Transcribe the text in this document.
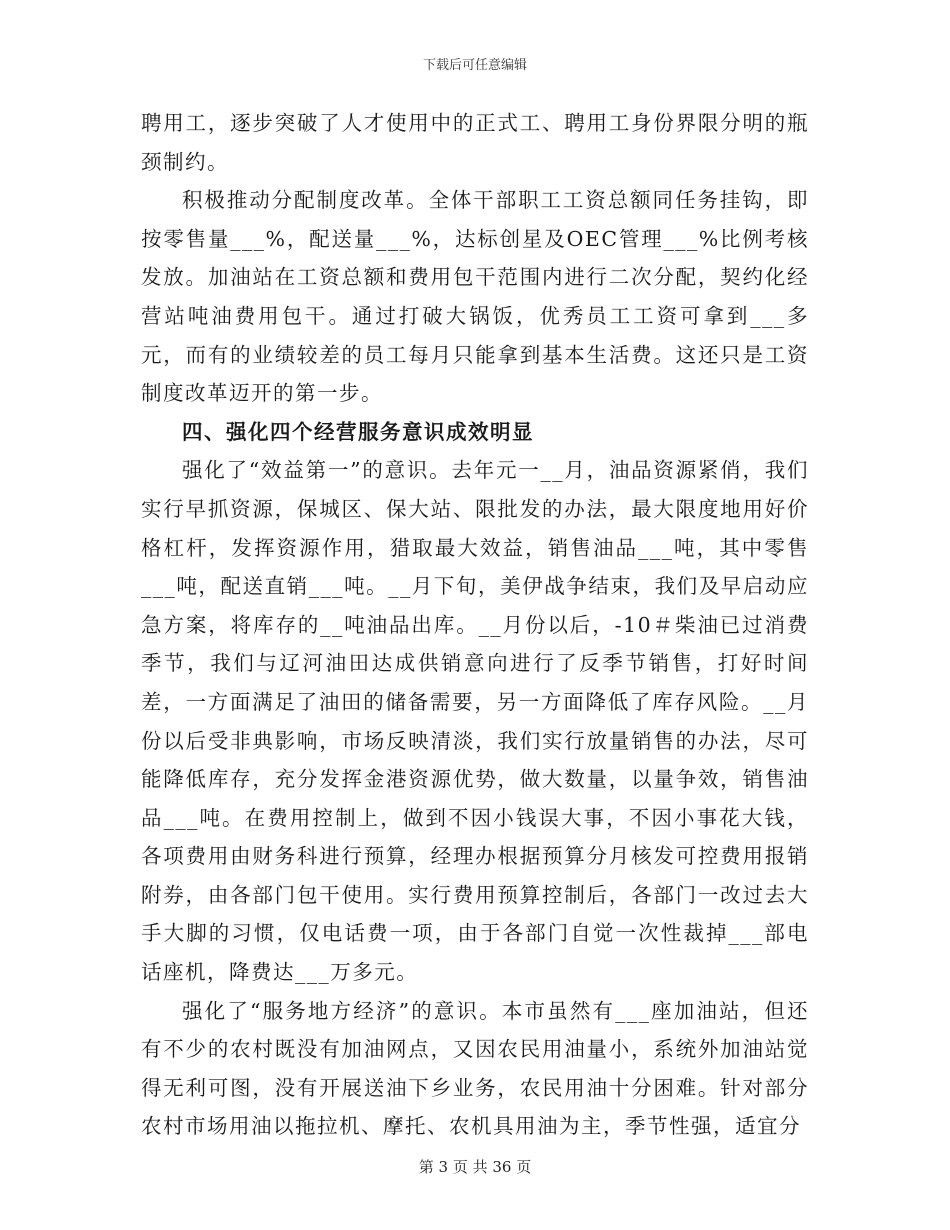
下载后可任意编辑

聘用工，逐步突破了人才使用中的正式工、聘用工身份界限分明的瓶颈制约。

积极推动分配制度改革。全体干部职工工资总额同任务挂钩，即按零售量___%，配送量___%，达标创星及OEC管理___%比例考核发放。加油站在工资总额和费用包干范围内进行二次分配，契约化经营站吨油费用包干。通过打破大锅饭，优秀员工工资可拿到___多元，而有的业绩较差的员工每月只能拿到基本生活费。这还只是工资制度改革迈开的第一步。

四、强化四个经营服务意识成效明显

强化了“效益第一”的意识。去年元一__月，油品资源紧俏，我们实行早抓资源，保城区、保大站、限批发的办法，最大限度地用好价格杠杆，发挥资源作用，猎取最大效益，销售油品___吨，其中零售___吨，配送直销___吨。__月下旬，美伊战争结束，我们及早启动应急方案，将库存的__吨油品出库。__月份以后，-10＃柴油已过消费季节，我们与辽河油田达成供销意向进行了反季节销售，打好时间差，一方面满足了油田的储备需要，另一方面降低了库存风险。__月份以后受非典影响，市场反映清淡，我们实行放量销售的办法，尽可能降低库存，充分发挥金港资源优势，做大数量，以量争效，销售油品___吨。在费用控制上，做到不因小钱误大事，不因小事花大钱，各项费用由财务科进行预算，经理办根据预算分月核发可控费用报销附券，由各部门包干使用。实行费用预算控制后，各部门一改过去大手大脚的习惯，仅电话费一项，由于各部门自觉一次性裁掉___部电话座机，降费达___万多元。

强化了“服务地方经济”的意识。本市虽然有___座加油站，但还有不少的农村既没有加油网点，又因农民用油量小，系统外加油站觉得无利可图，没有开展送油下乡业务，农民用油十分困难。针对部分农村市场用油以拖拉机、摩托、农机具用油为主，季节性强，适宜分

第 3 页 共 36 页
